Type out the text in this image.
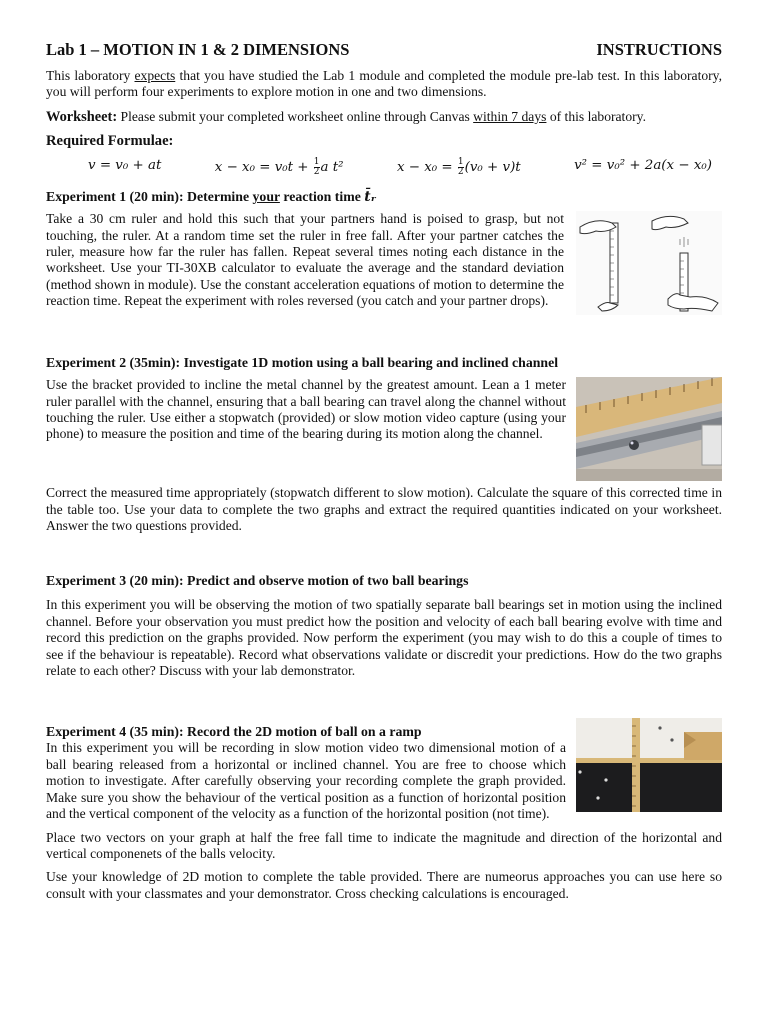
Lab 1 – MOTION IN 1 & 2 DIMENSIONS	INSTRUCTIONS

This laboratory expects that you have studied the Lab 1 module and completed the module pre-lab test. In this laboratory, you will perform four experiments to explore motion in one and two dimensions.

Worksheet: Please submit your completed worksheet online through Canvas within 7 days of this laboratory.

Required Formulae:
v = v₀ + at	$x - x_0 = v_0t + \frac{1}{2}$ a t²	$x - x_0 = \frac{1}{2} (v_0 + v)t$	v² = v₀² + 2a(x − x₀)
Experiment 1 (20 min): Determine your reaction time t̄ᵣ

Take a 30 cm ruler and hold this such that your partners hand is poised to grasp, but not touching, the ruler. At a random time set the ruler in free fall. After your partner catches the ruler, measure how far the ruler has fallen. Repeat several times noting each distance in the worksheet. Use your TI-30XB calculator to evaluate the average and the standard deviation (method shown in module). Use the constant acceleration equations of motion to determine the reaction time. Repeat the experiment with roles reversed (you catch and your partner drops).

Experiment 2 (35min): Investigate 1D motion using a ball bearing and inclined channel

Use the bracket provided to incline the metal channel by the greatest amount. Lean a 1 meter ruler parallel with the channel, ensuring that a ball bearing can travel along the channel without touching the ruler. Use either a stopwatch (provided) or slow motion video capture (using your phone) to measure the position and time of the bearing during its motion along the channel.

Correct the measured time appropriately (stopwatch different to slow motion). Calculate the square of this corrected time in the table too. Use your data to complete the two graphs and extract the required quantities indicated on your worksheet. Answer the two questions provided.

Experiment 3 (20 min): Predict and observe motion of two ball bearings

In this experiment you will be observing the motion of two spatially separate ball bearings set in motion using the inclined channel. Before your observation you must predict how the position and velocity of each ball bearing evolve with time and record this prediction on the graphs provided. Now perform the experiment (you may wish to do this a couple of times to see if the behaviour is repeatable). Record what observations validate or discredit your predictions. How do the two graphs relate to each other? Discuss with your lab demonstrator.

Experiment 4 (35 min): Record the 2D motion of ball on a ramp

In this experiment you will be recording in slow motion video two dimensional motion of a ball bearing released from a horizontal or inclined channel. You are free to choose which motion to investigate. After carefully observing your recording complete the graph provided. Make sure you show the behaviour of the vertical position as a function of horizontal position and the vertical component of the velocity as a function of the horizontal position (not time).

Place two vectors on your graph at half the free fall time to indicate the magnitude and direction of the horizontal and vertical componenets of the balls velocity.

Use your knowledge of 2D motion to complete the table provided. There are numeorus approaches you can use here so consult with your classmates and your demonstrator. Cross checking calculations is encouraged.
